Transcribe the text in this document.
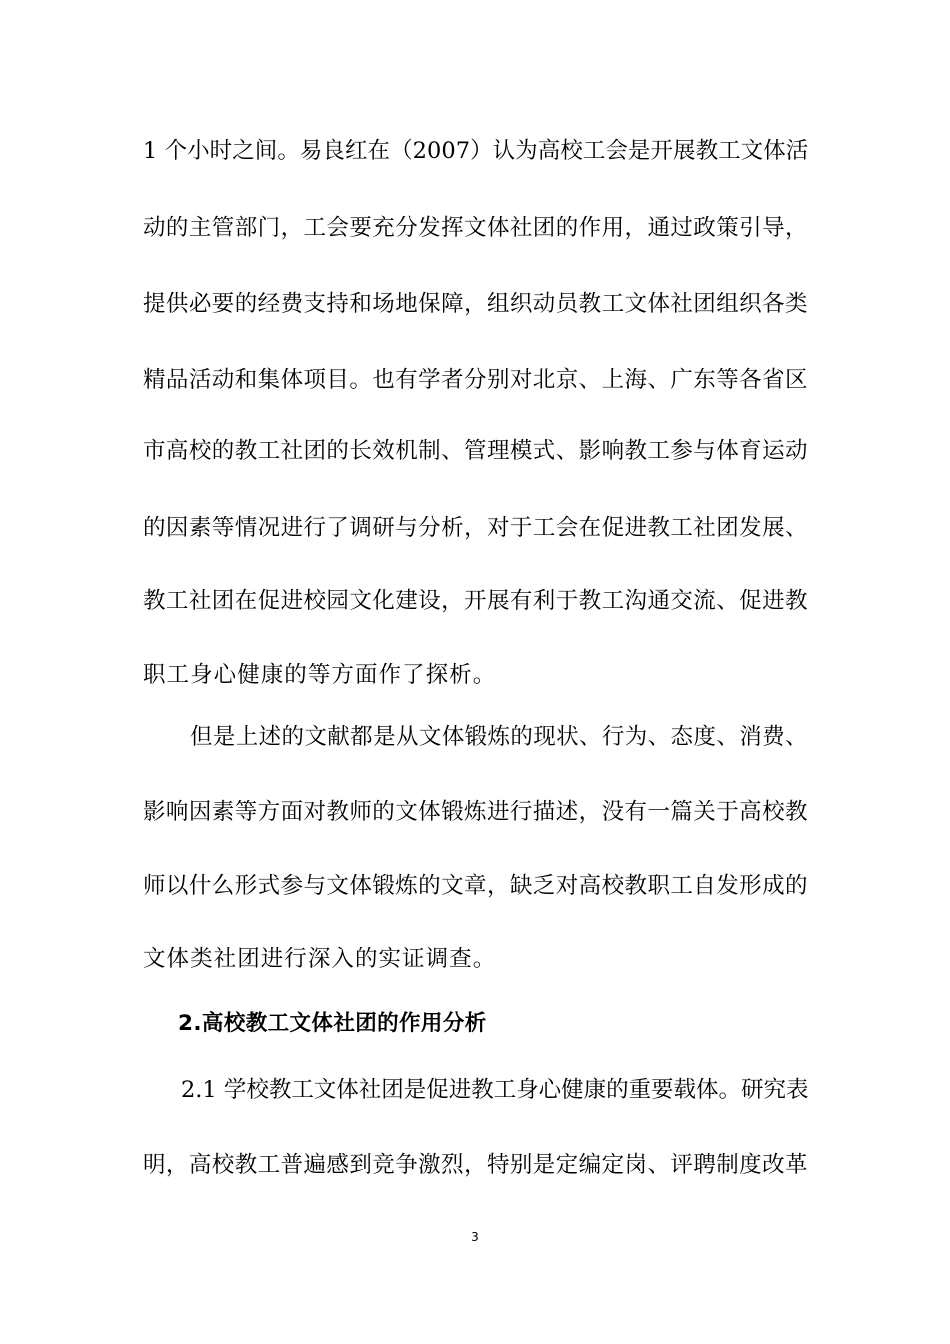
1 个小时之间。易良红在（2007）认为高校工会是开展教工文体活
动的主管部门，工会要充分发挥文体社团的作用，通过政策引导，
提供必要的经费支持和场地保障，组织动员教工文体社团组织各类
精品活动和集体项目。也有学者分别对北京、上海、广东等各省区
市高校的教工社团的长效机制、管理模式、影响教工参与体育运动
的因素等情况进行了调研与分析，对于工会在促进教工社团发展、
教工社团在促进校园文化建设，开展有利于教工沟通交流、促进教
职工身心健康的等方面作了探析。
但是上述的文献都是从文体锻炼的现状、行为、态度、消费、
影响因素等方面对教师的文体锻炼进行描述，没有一篇关于高校教
师以什么形式参与文体锻炼的文章，缺乏对高校教职工自发形成的
文体类社团进行深入的实证调查。
2.高校教工文体社团的作用分析
2.1 学校教工文体社团是促进教工身心健康的重要载体。研究表
明，高校教工普遍感到竞争激烈，特别是定编定岗、评聘制度改革
3
